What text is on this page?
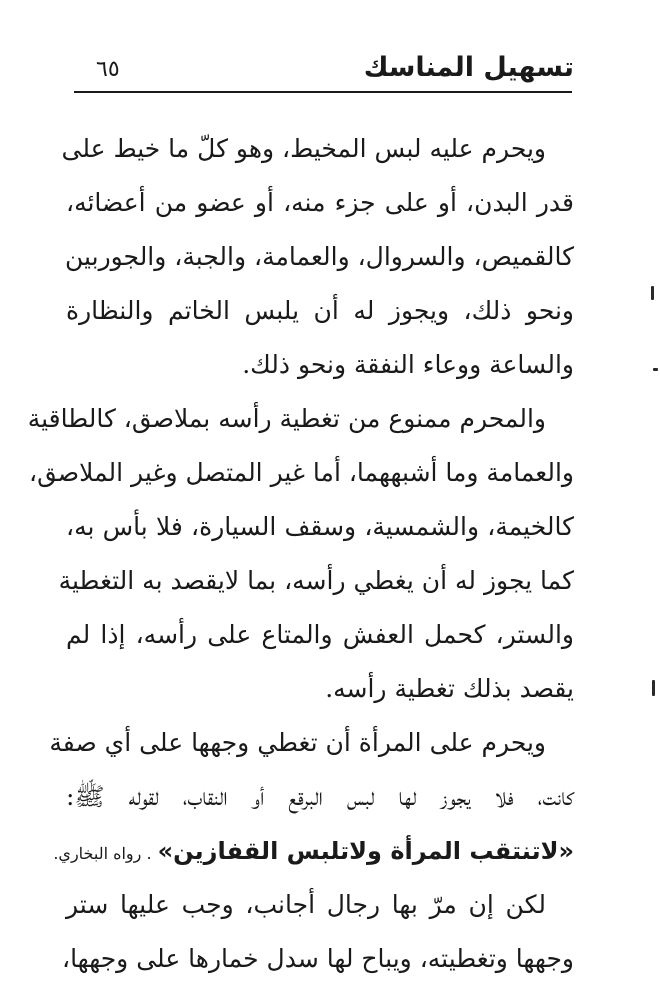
تسهيل المناسك
٦٥
ويحرم عليه لبس المخيط، وهو كلّ ما خيط على
قدر البدن، أو على جزء منه، أو عضو من أعضائه،
كالقميص، والسروال، والعمامة، والجبة، والجوربين
ونحو ذلك، ويجوز له أن يلبس الخاتم والنظارة
والساعة ووعاء النفقة ونحو ذلك.
والمحرم ممنوع من تغطية رأسه بملاصق، كالطاقية
والعمامة وما أشبههما، أما غير المتصل وغير الملاصق،
كالخيمة، والشمسية، وسقف السيارة، فلا بأس به،
كما يجوز له أن يغطي رأسه، بما لايقصد به التغطية
والستر، كحمل العفش والمتاع على رأسه، إذا لم
يقصد بذلك تغطية رأسه.
ويحرم على المرأة أن تغطي وجهها على أي صفة
كانت، فلا يجوز لها لبس البرقع أو النقاب، لقوله ﷺ:
«لاتنتقب المرأة ولاتلبس القفازين». رواه البخاري.
لكن إن مرّ بها رجال أجانب، وجب عليها ستر
وجهها وتغطيته، ويباح لها سدل خمارها على وجهها،
